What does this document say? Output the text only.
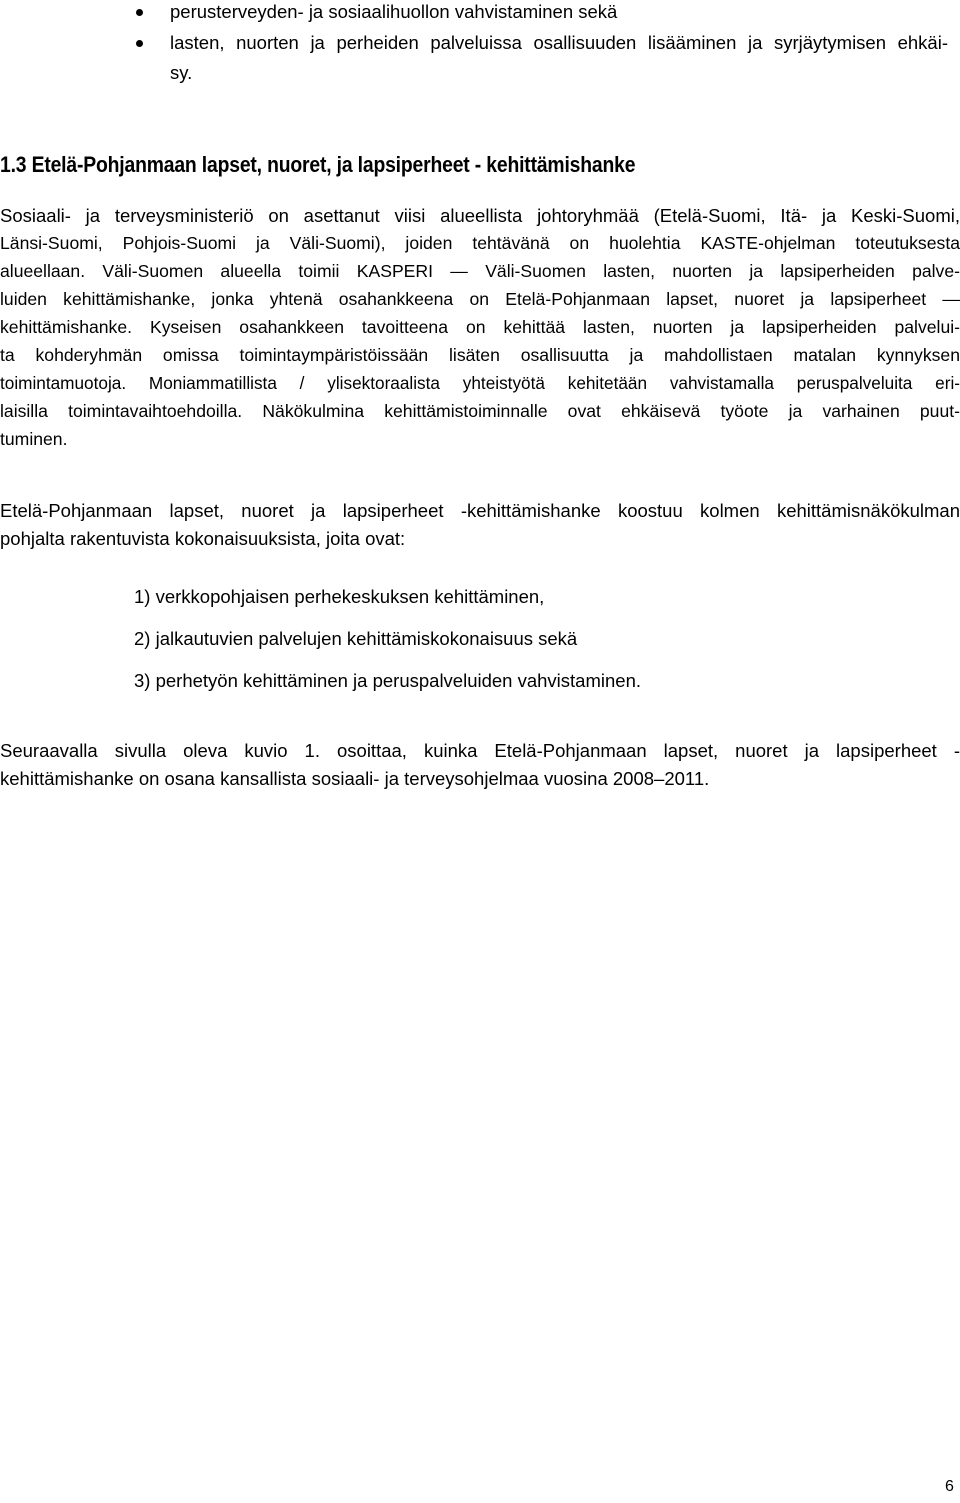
perusterveyden- ja sosiaalihuollon vahvistaminen sekä
lasten, nuorten ja perheiden palveluissa osallisuuden lisääminen ja syrjäytymisen ehkäi-
sy.
1.3 Etelä-Pohjanmaan lapset, nuoret, ja lapsiperheet - kehittämishanke
Sosiaali- ja terveysministeriö on asettanut viisi alueellista johtoryhmää (Etelä-Suomi, Itä- ja Keski-Suomi,
Länsi-Suomi, Pohjois-Suomi ja Väli-Suomi), joiden tehtävänä on huolehtia KASTE-ohjelman toteutuksesta
alueellaan. Väli-Suomen alueella toimii KASPERI — Väli-Suomen lasten, nuorten ja lapsiperheiden palve-
luiden kehittämishanke, jonka yhtenä osahankkeena on Etelä-Pohjanmaan lapset, nuoret ja lapsiperheet —
kehittämishanke. Kyseisen osahankkeen tavoitteena on kehittää lasten, nuorten ja lapsiperheiden palvelui-
ta kohderyhmän omissa toimintaympäristöissään lisäten osallisuutta ja mahdollistaen matalan kynnyksen
toimintamuotoja. Moniammatillista / ylisektoraalista yhteistyötä kehitetään vahvistamalla peruspalveluita eri-
laisilla toimintavaihtoehdoilla. Näkökulmina kehittämistoiminnalle ovat ehkäisevä työote ja varhainen puut-
tuminen.
Etelä-Pohjanmaan lapset, nuoret ja lapsiperheet -kehittämishanke koostuu kolmen kehittämisnäkökulman
pohjalta rakentuvista kokonaisuuksista, joita ovat:
1) verkkopohjaisen perhekeskuksen kehittäminen,
2) jalkautuvien palvelujen kehittämiskokonaisuus sekä
3) perhetyön kehittäminen ja peruspalveluiden vahvistaminen.
Seuraavalla sivulla oleva kuvio 1. osoittaa, kuinka Etelä-Pohjanmaan lapset, nuoret ja lapsiperheet -
kehittämishanke on osana kansallista sosiaali- ja terveysohjelmaa vuosina 2008–2011.
6
